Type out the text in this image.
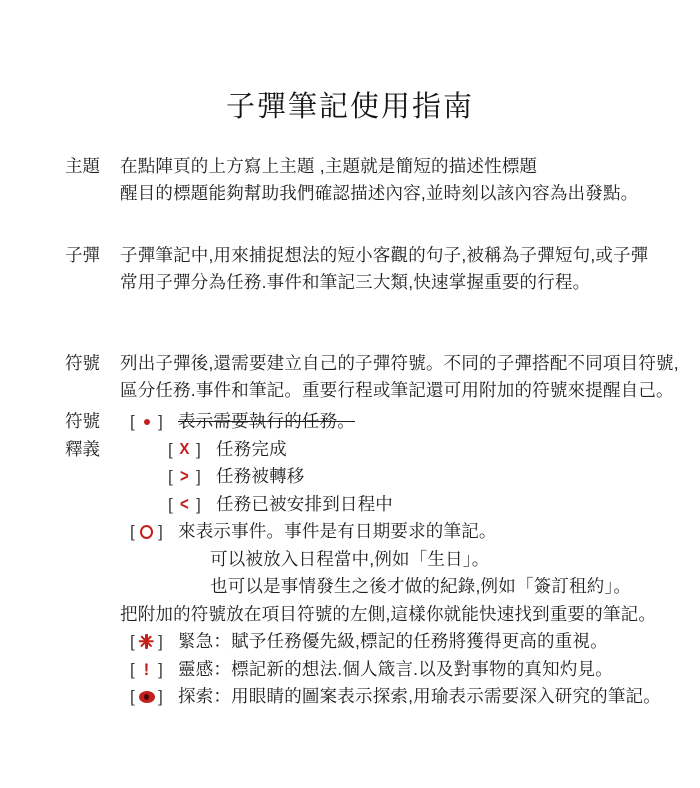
子彈筆記使用指南
主題	在點陣頁的上方寫上主題 ,主題就是簡短的描述性標題
醒目的標題能夠幫助我們確認描述內容,並時刻以該內容為出發點。
子彈	子彈筆記中,用來捕捉想法的短小客觀的句子,被稱為子彈短句,或子彈
常用子彈分為任務.事件和筆記三大類,快速掌握重要的行程。
符號	列出子彈後,還需要建立自己的子彈符號。不同的子彈搭配不同項目符號,
區分任務.事件和筆記。重要行程或筆記還可用附加的符號來提醒自己。
符號
釋義
[ ] 表示需要執行的任務。
[ X ] 任務完成
[ > ] 任務被轉移
[ < ] 任務已被安排到日程中
[ ] 來表示事件。事件是有日期要求的筆記。
可以被放入日程當中,例如「生日」。
也可以是事情發生之後才做的紀錄,例如「簽訂租約」。
把附加的符號放在項目符號的左側,這樣你就能快速找到重要的筆記。
[ ] 緊急：賦予任務優先級,標記的任務將獲得更高的重視。
[ ! ] 靈感：標記新的想法.個人箴言.以及對事物的真知灼見。
[ ] 探索：用眼睛的圖案表示探索,用瑜表示需要深入研究的筆記。
